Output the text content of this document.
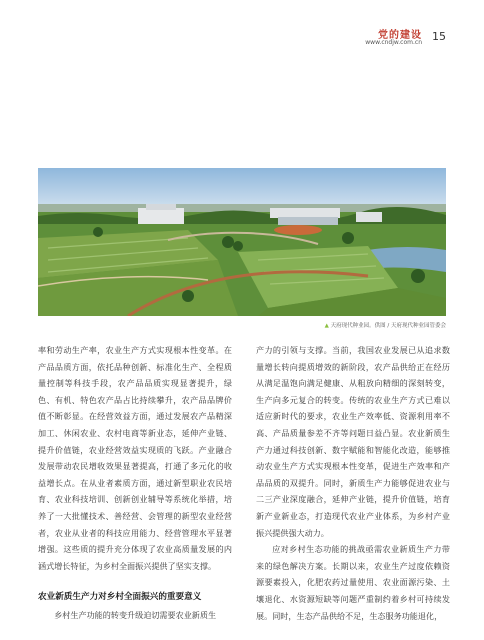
党的建设
www.cndjw.com.cn 15
▲ 天府现代种业园。供图 / 天府现代种业园管委会

率和劳动生产率，农业生产方式实现根本性变革。在产品品质方面，依托品种创新、标准化生产、全程质量控制等科技手段，农产品品质实现显著提升，绿色、有机、特色农产品占比持续攀升，农产品品牌价值不断彰显。在经营效益方面，通过发展农产品精深加工、休闲农业、农村电商等新业态，延伸产业链、提升价值链，农业经营效益实现质的飞跃。产业融合发展带动农民增收效果显著提高，打通了多元化的收益增长点。在从业者素质方面，通过新型职业农民培育、农业科技培训、创新创业辅导等系统化举措，培养了一大批懂技术、善经营、会管理的新型农业经营者，农业从业者的科技应用能力、经营管理水平显著增强。这些质的提升充分体现了农业高质量发展的内涵式增长特征，为乡村全面振兴提供了坚实支撑。

农业新质生产力对乡村全面振兴的重要意义

乡村生产功能的转变升级迫切需要农业新质生

产力的引领与支撑。当前，我国农业发展已从追求数量增长转向提质增效的新阶段，农产品供给正在经历从满足温饱向满足健康、从粗放向精细的深刻转变，生产向多元复合的转变。传统的农业生产方式已难以适应新时代的要求，农业生产效率低、资源利用率不高、产品质量参差不齐等问题日益凸显。农业新质生产力通过科技创新、数字赋能和智能化改造，能够推动农业生产方式实现根本性变革，促进生产效率和产品品质的双提升。同时，新质生产力能够促进农业与二三产业深度融合，延伸产业链，提升价值链，培育新产业新业态，打造现代农业产业体系，为乡村产业振兴提供强大动力。

应对乡村生态功能的挑战亟需农业新质生产力带来的绿色解决方案。长期以来，农业生产过度依赖资源要素投入，化肥农药过量使用、农业面源污染、土壤退化、水资源短缺等问题严重制约着乡村可持续发展。同时，生态产品供给不足，生态服务功能退化，
